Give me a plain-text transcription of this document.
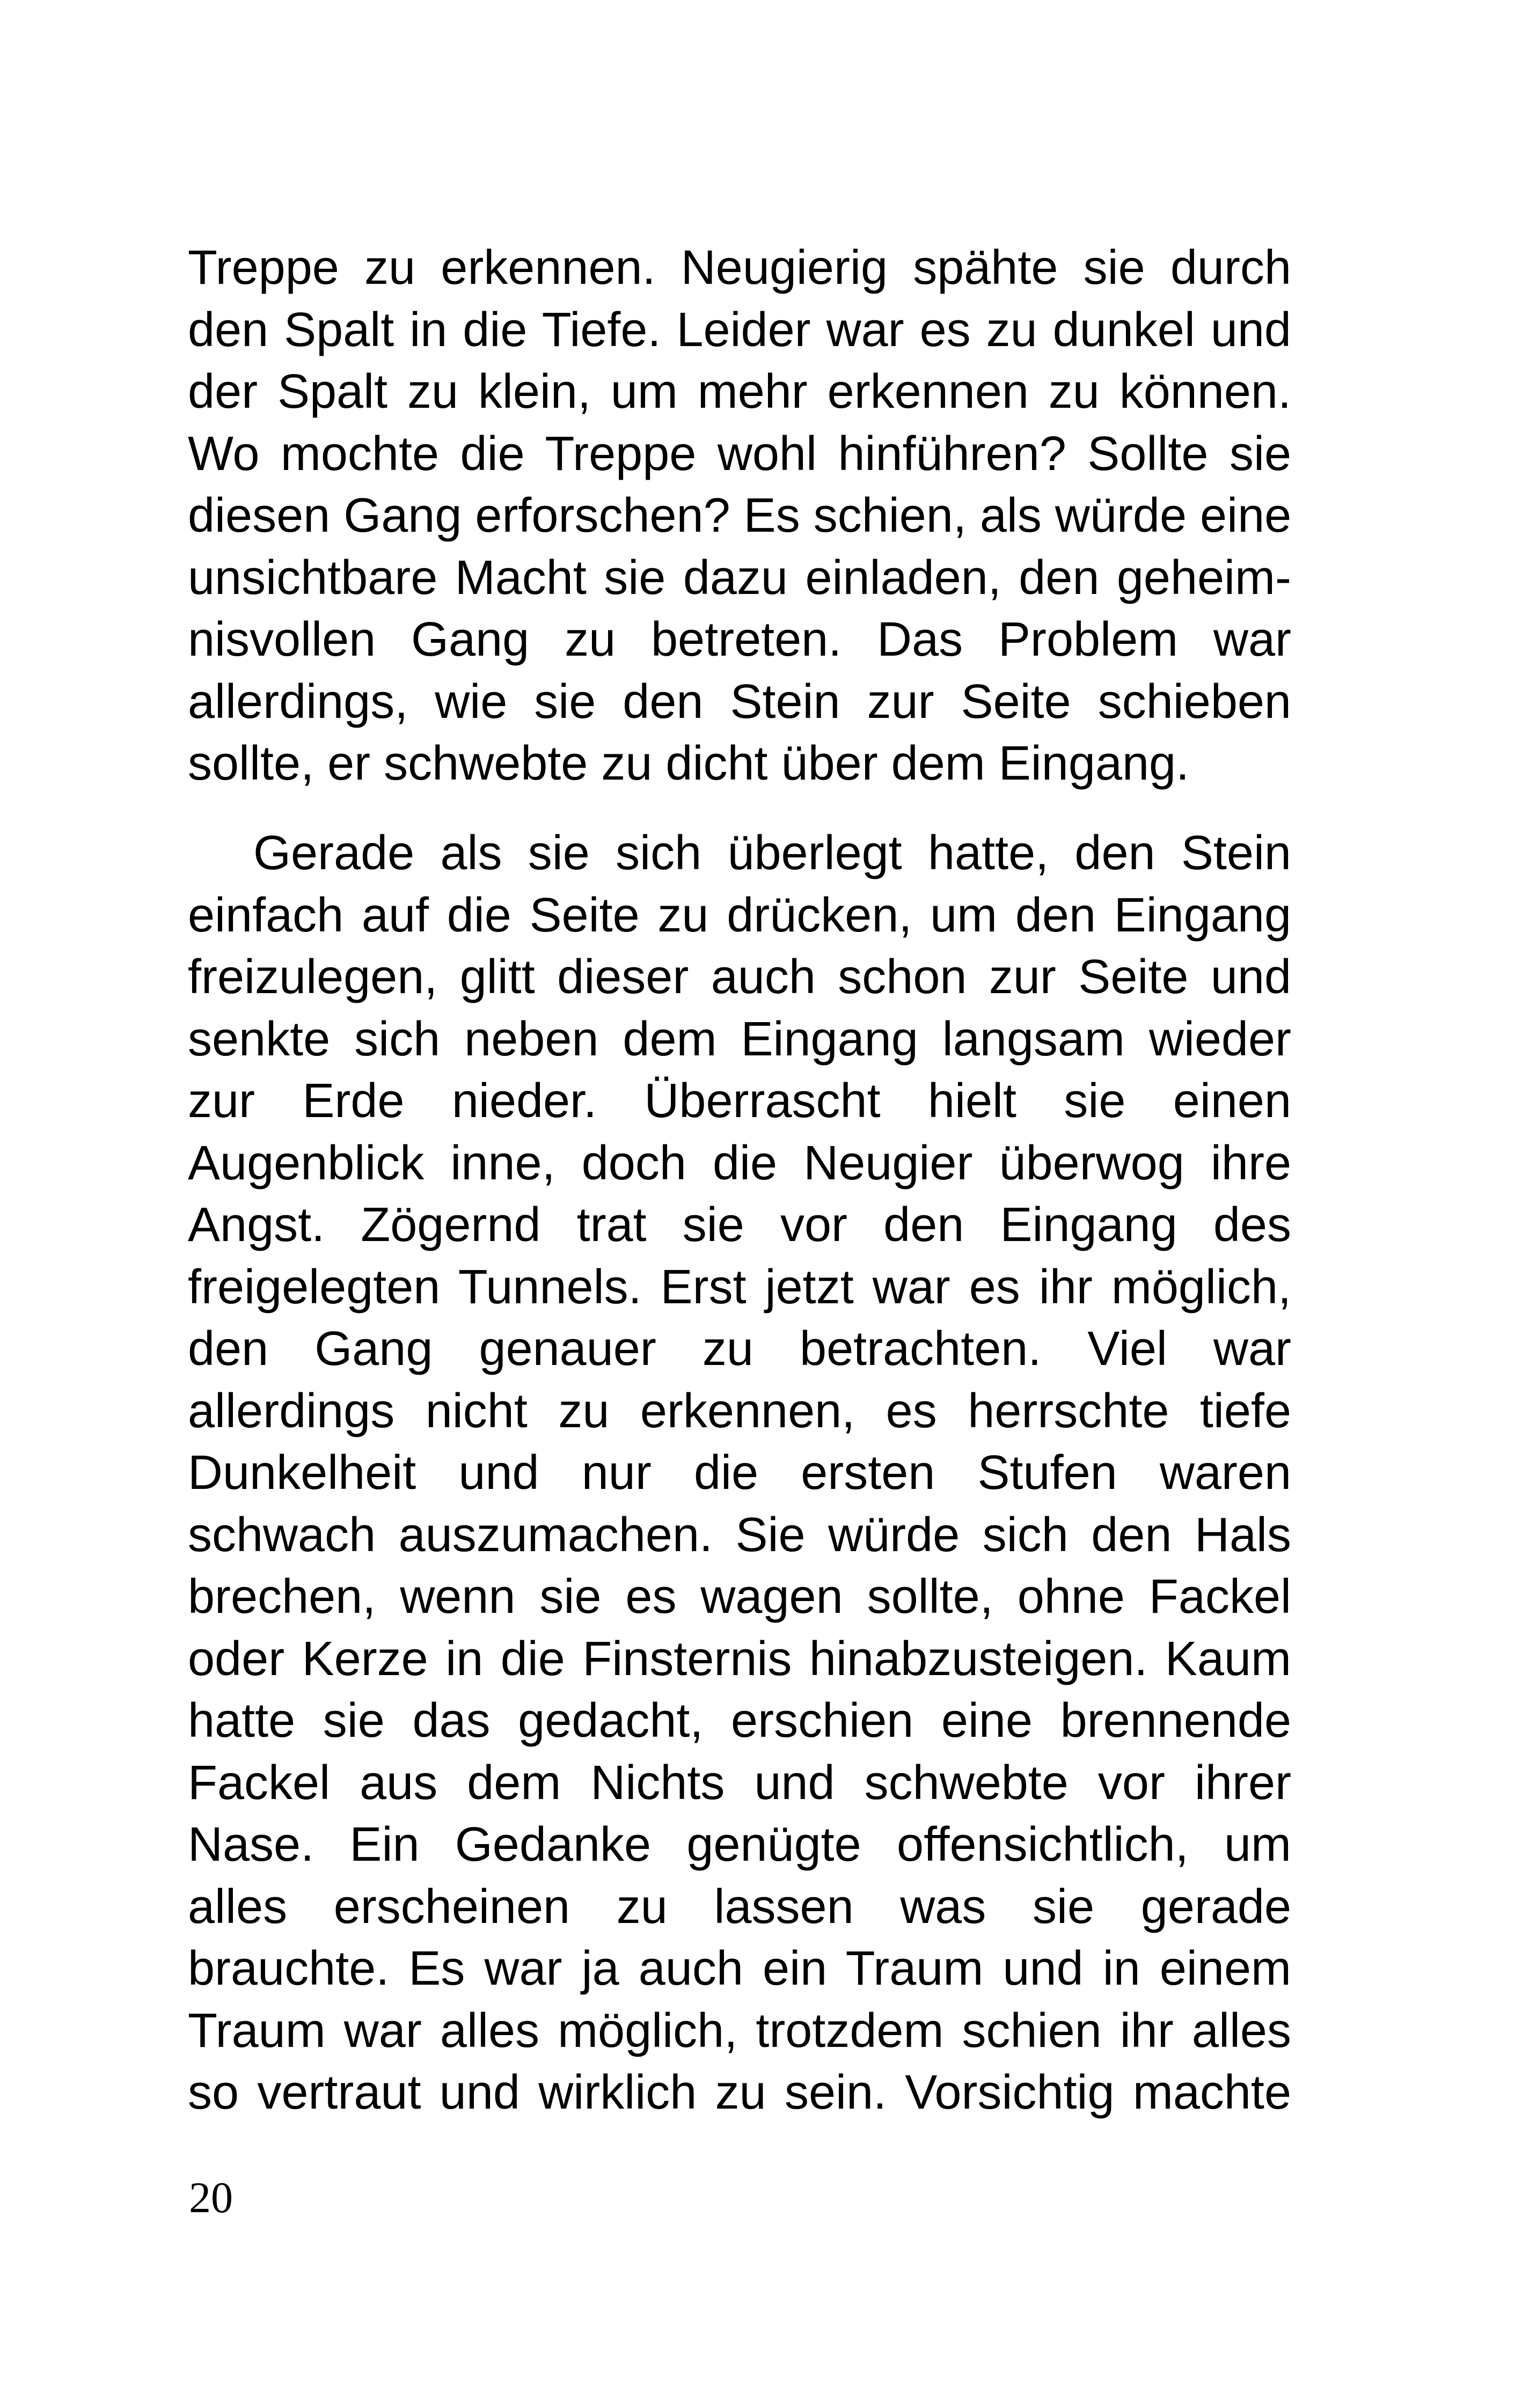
Treppe zu erkennen. Neugierig spähte sie durch
den Spalt in die Tiefe. Leider war es zu dunkel und
der Spalt zu klein, um mehr erkennen zu können.
Wo mochte die Treppe wohl hinführen? Sollte sie
diesen Gang erforschen? Es schien, als würde eine
unsichtbare Macht sie dazu einladen, den geheim-
nisvollen Gang zu betreten. Das Problem war
allerdings, wie sie den Stein zur Seite schieben
sollte, er schwebte zu dicht über dem Eingang.
Gerade als sie sich überlegt hatte, den Stein
einfach auf die Seite zu drücken, um den Eingang
freizulegen, glitt dieser auch schon zur Seite und
senkte sich neben dem Eingang langsam wieder
zur Erde nieder. Überrascht hielt sie einen
Augenblick inne, doch die Neugier überwog ihre
Angst. Zögernd trat sie vor den Eingang des
freigelegten Tunnels. Erst jetzt war es ihr möglich,
den Gang genauer zu betrachten. Viel war
allerdings nicht zu erkennen, es herrschte tiefe
Dunkelheit und nur die ersten Stufen waren
schwach auszumachen. Sie würde sich den Hals
brechen, wenn sie es wagen sollte, ohne Fackel
oder Kerze in die Finsternis hinabzusteigen. Kaum
hatte sie das gedacht, erschien eine brennende
Fackel aus dem Nichts und schwebte vor ihrer
Nase. Ein Gedanke genügte offensichtlich, um
alles erscheinen zu lassen was sie gerade
brauchte. Es war ja auch ein Traum und in einem
Traum war alles möglich, trotzdem schien ihr alles
so vertraut und wirklich zu sein. Vorsichtig machte
20
